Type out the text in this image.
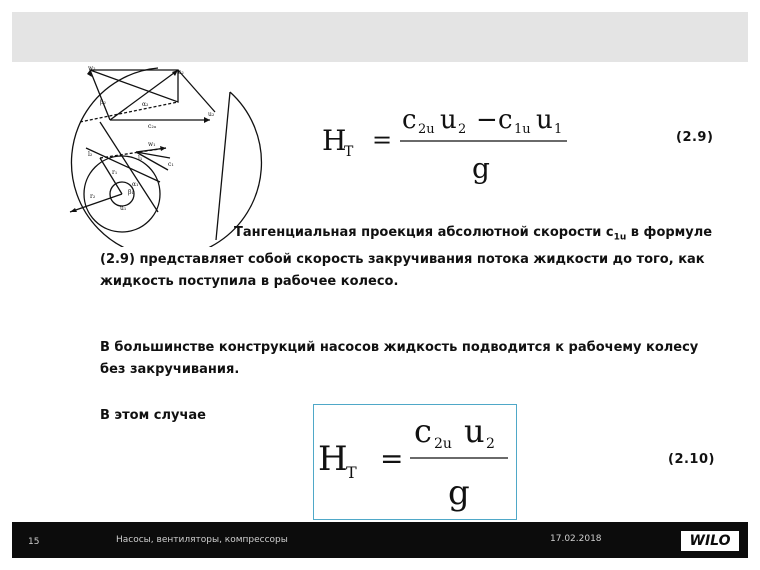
w₂
c₂
β₂	α₂
u₂
c₂ᵤ
l₂
w₁
c₁
l₁
r₁
r₂
α₁
β₁
u₁
H
T =
c 2u u 2 − c 1u u 1
g
(2.9)
Тангенциальная проекция абсолютной скорости $c_{1u}$ в формуле (2.9) представляет собой скорость закручивания потока жидкости до того, как жидкость поступила в рабочее колесо.
В большинстве конструкций насосов жидкость подводится к рабочему колесу без закручивания.
В этом случае
H
T =
c 2u u 2
g
(2.10)
15	Насосы, вентиляторы, компрессоры	17.02.2018	WILO
